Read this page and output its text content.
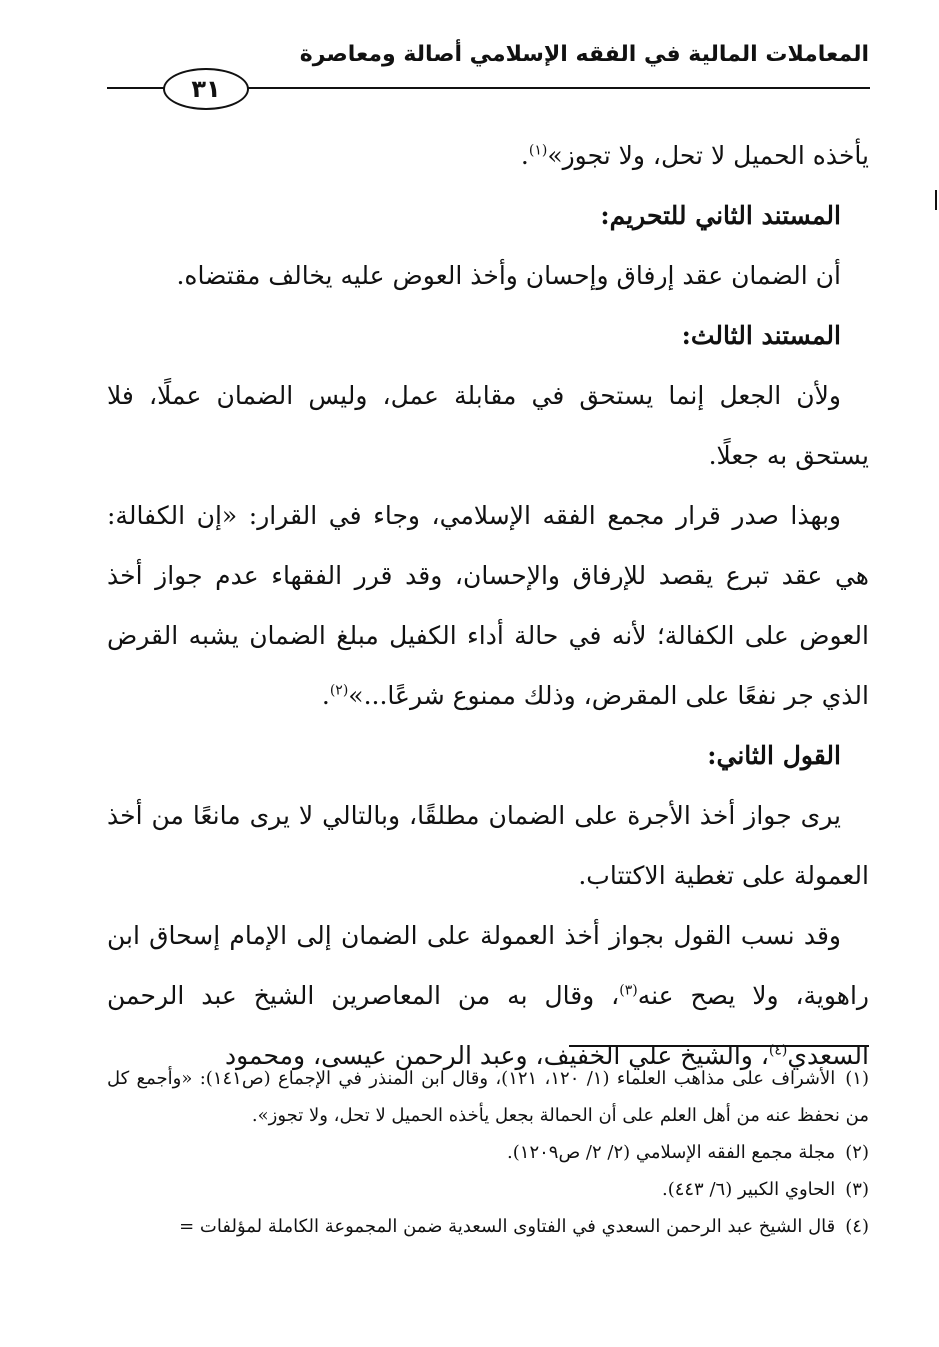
المعاملات المالية في الفقه الإسلامي أصالة ومعاصرة
٣١

يأخذه الحميل لا تحل، ولا تجوز»$^{(١)}$.

المستند الثاني للتحريم:

أن الضمان عقد إرفاق وإحسان وأخذ العوض عليه يخالف مقتضاه.

المستند الثالث:

ولأن الجعل إنما يستحق في مقابلة عمل، وليس الضمان عملًا، فلا يستحق به جعلًا.

وبهذا صدر قرار مجمع الفقه الإسلامي، وجاء في القرار: «إن الكفالة: هي عقد تبرع يقصد للإرفاق والإحسان، وقد قرر الفقهاء عدم جواز أخذ العوض على الكفالة؛ لأنه في حالة أداء الكفيل مبلغ الضمان يشبه القرض الذي جر نفعًا على المقرض، وذلك ممنوع شرعًا...»$^{(٢)}$.

القول الثاني:

يرى جواز أخذ الأجرة على الضمان مطلقًا، وبالتالي لا يرى مانعًا من أخذ العمولة على تغطية الاكتتاب.

وقد نسب القول بجواز أخذ العمولة على الضمان إلى الإمام إسحاق ابن راهوية، ولا يصح عنه$^{(٣)}$، وقال به من المعاصرين الشيخ عبد الرحمن السعدي$^{(٤)}$، والشيخ علي الخفيف، وعبد الرحمن عيسى، ومحمود

(١)الأشراف على مذاهب العلماء (١/ ١٢٠، ١٢١)، وقال ابن المنذر في الإجماع (ص١٤١): «وأجمع كل من نحفظ عنه من أهل العلم على أن الحمالة بجعل يأخذه الحميل لا تحل، ولا تجوز».

(٢)مجلة مجمع الفقه الإسلامي (٢/ ٢/ ص١٢٠٩).

(٣)الحاوي الكبير (٦/ ٤٤٣).

(٤)قال الشيخ عبد الرحمن السعدي في الفتاوى السعدية ضمن المجموعة الكاملة لمؤلفات =
